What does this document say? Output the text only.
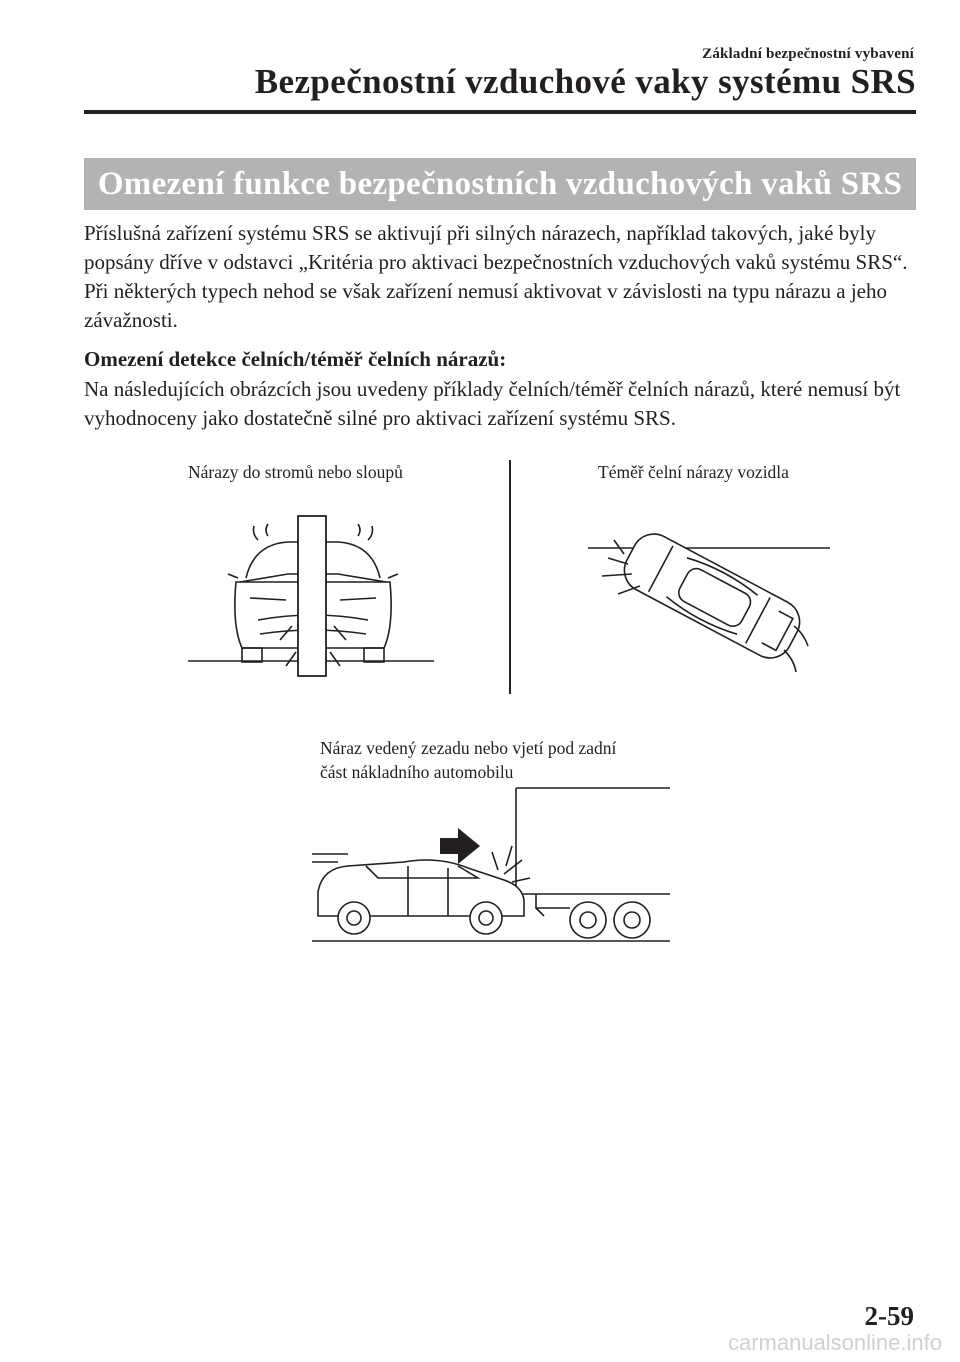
Základní bezpečnostní vybavení
Bezpečnostní vzduchové vaky systému SRS
Omezení funkce bezpečnostních vzduchových vaků SRS
Příslušná zařízení systému SRS se aktivují při silných nárazech, například takových, jaké byly popsány dříve v odstavci „Kritéria pro aktivaci bezpečnostních vzduchových vaků systému SRS“. Při některých typech nehod se však zařízení nemusí aktivovat v závislosti na typu nárazu a jeho závažnosti.
Omezení detekce čelních/téměř čelních nárazů:
Na následujících obrázcích jsou uvedeny příklady čelních/téměř čelních nárazů, které nemusí být vyhodnoceny jako dostatečně silné pro aktivaci zařízení systému SRS.
Nárazy do stromů nebo sloupů	Téměř čelní nárazy vozidla
Náraz vedený zezadu nebo vjetí pod zadní
část nákladního automobilu
2-59
carmanualsonline.info
